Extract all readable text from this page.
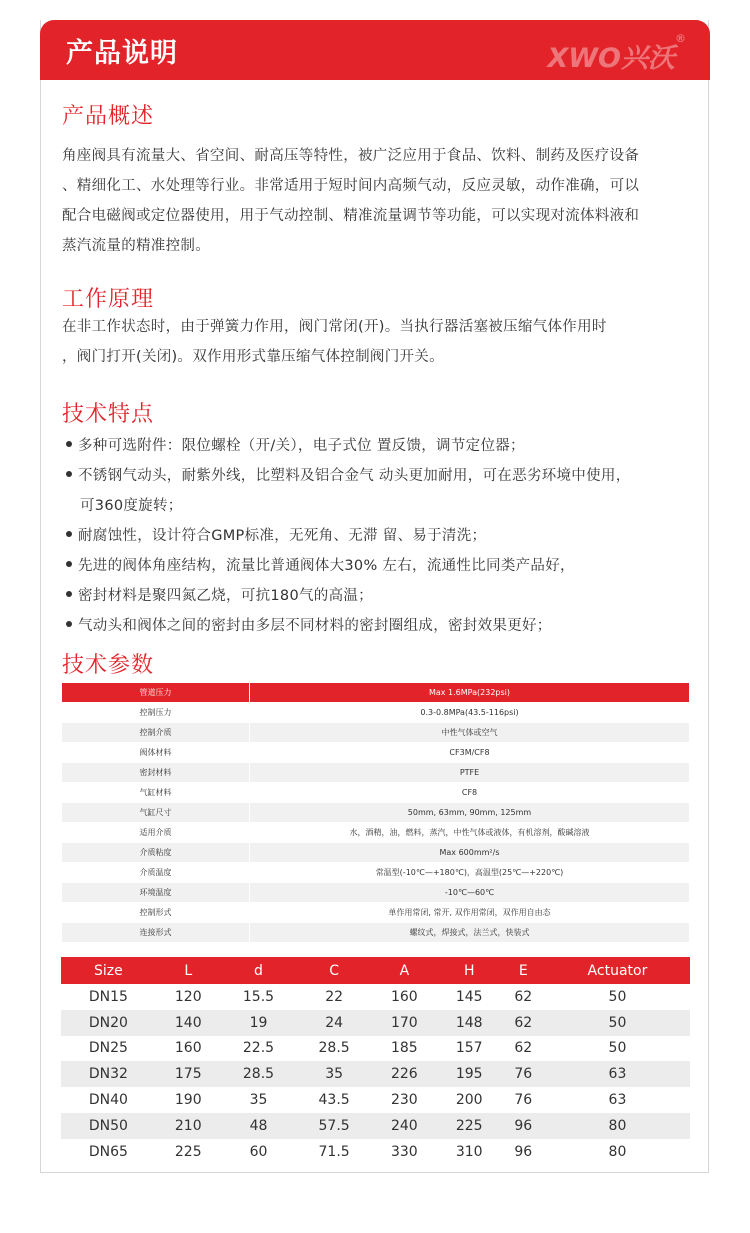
产品说明	XWO兴沃®
产品概述
角座阀具有流量大、省空间、耐高压等特性，被广泛应用于食品、饮料、制药及医疗设备
、精细化工、水处理等行业。非常适用于短时间内高频气动，反应灵敏，动作准确，可以
配合电磁阀或定位器使用，用于气动控制、精准流量调节等功能，可以实现对流体料液和
蒸汽流量的精准控制。
工作原理
在非工作状态时，由于弹簧力作用，阀门常闭(开)。当执行器活塞被压缩气体作用时
，阀门打开(关闭)。双作用形式靠压缩气体控制阀门开关。
技术特点
多种可选附件：限位螺栓（开/关），电子式位 置反馈，调节定位器；
不锈钢气动头，耐紫外线，比塑料及铝合金气 动头更加耐用，可在恶劣环境中使用，
可360度旋转；
耐腐蚀性，设计符合GMP标准，无死角、无滞 留、易于清洗；
先进的阀体角座结构，流量比普通阀体大30% 左右，流通性比同类产品好，
密封材料是聚四氮乙烧，可抗180气的高温；
气动头和阀体之间的密封由多层不同材料的密封圈组成，密封效果更好；
技术参数
管道压力	Max 1.6MPa(232psi)
控制压力	0.3-0.8MPa(43.5-116psi)
控制介质	中性气体或空气
阀体材料	CF3M/CF8
密封材料	PTFE
气缸材料	CF8
气缸尺寸	50mm, 63mm, 90mm, 125mm
适用介质	水，酒精，油，燃料，蒸汽，中性气体或液体，有机溶剂，酸碱溶液
介质粘度	Max 600mm²/s
介质温度	常温型(-10℃—+180℃)，高温型(25℃—+220℃)
环境温度	-10℃—60℃
控制形式	单作用常闭, 常开, 双作用常闭，双作用自由态
连接形式	螺纹式，焊接式，法兰式，快装式
Size	L	d	C	A	H	E	Actuator
DN15	120	15.5	22	160	145	62	50
DN20	140	19	24	170	148	62	50
DN25	160	22.5	28.5	185	157	62	50
DN32	175	28.5	35	226	195	76	63
DN40	190	35	43.5	230	200	76	63
DN50	210	48	57.5	240	225	96	80
DN65	225	60	71.5	330	310	96	80
